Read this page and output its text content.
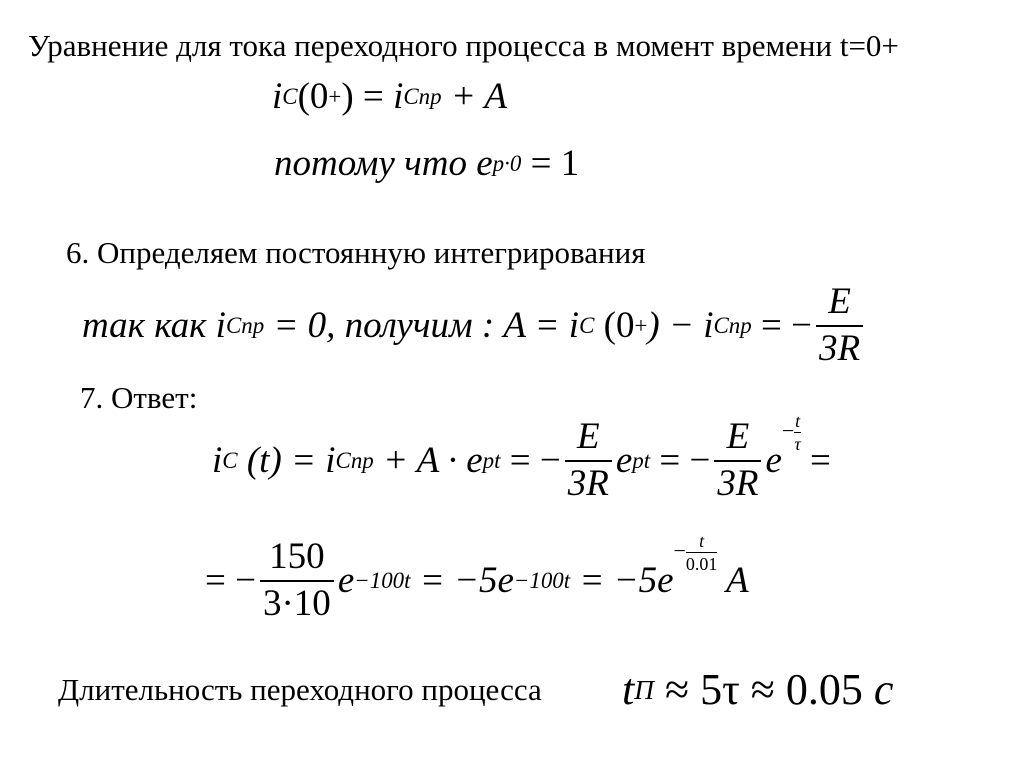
Уравнение для тока переходного процесса в момент времени t=0+
i C (0 + ) = i Cпр + A
потому что e p·0 = 1
6. Определяем постоянную интегрирования
так как i Cпр = 0, получим : A = i C (0 + ) − i Cпр = − $\frac{E}{3R}$
7. Ответ:
i C (t) = i Cпр + A · e pt = − $\frac{E}{3R}$ e pt = − $\frac{E}{3R}$ e
− t
τ =
= − $\frac{150}{3\cdot 10}$ e −100t = −5e −100t = −5e
− t
0.01 A
Длительность переходного процесса t П ≈ 5τ ≈ 0.05 c
